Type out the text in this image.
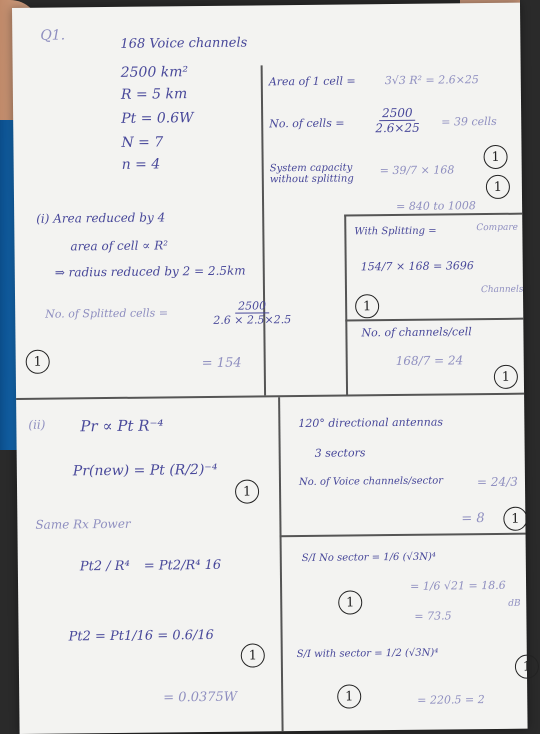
Q1.	168 Voice channels
2500 km²
R = 5 km
Pt = 0.6W
N = 7
n = 4
Area of 1 cell =	3√3 R² = 2.6×25
No. of cells =	$\frac{2500}{2.6\times 25} = 39$ cells
System capacity without splitting
= 39/7 × 168
= 840 to 1008
With Splitting =	Compare
154/7 × 168 = 3696
Channels
No. of channels/cell
168/7 = 24
(i) Area reduced by 4
area of cell ∝ R²
⇒ radius reduced by 2 = 2.5km
No. of Splitted cells =	$\frac{2500}{2.6 \times 2.5\times 2.5}$
= 154
(ii) Pr ∝ Pt R⁻⁴
Pr(new) = Pt (R/2)⁻⁴
Same Rx Power
Pt2 / R⁴ = Pt2/R⁴ 16
Pt2 = Pt1/16 = 0.6/16
= 0.0375W
120° directional antennas
3 sectors
No. of Voice channels/sector	= 24/3
= 8
S/I No sector = 1/6 (√3N)⁴
= 1/6 √21 = 18.6
dB
= 73.5
S/I with sector = 1/2 (√3N)⁴
= 220.5 = 2
1
1
1
1
1
1
1
1
1
1
1
